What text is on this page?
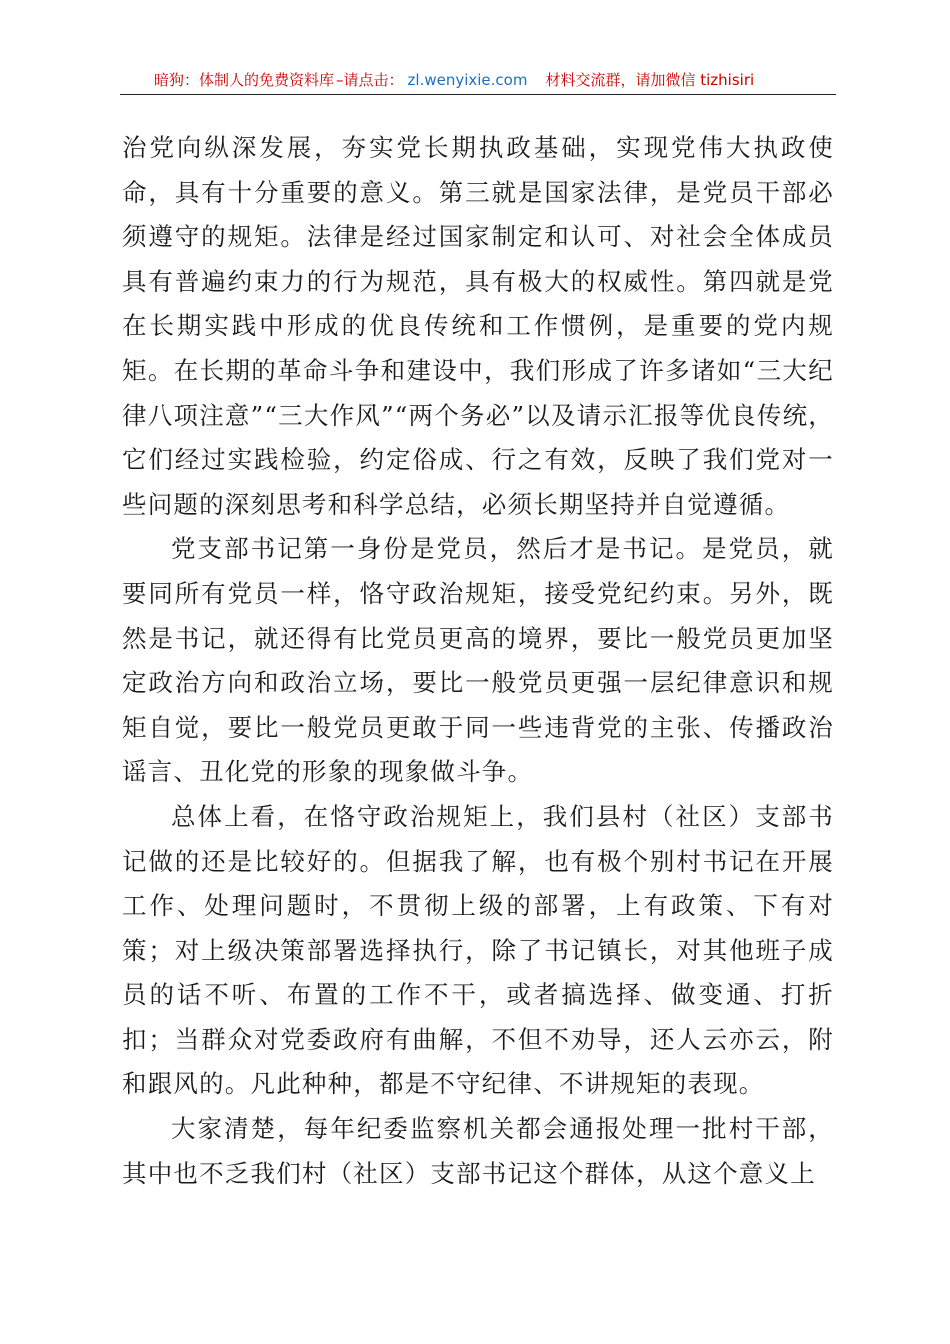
暗狗：体制人的免费资料库 –请点击： zl.wenyixie.com 材料交流群，请加微信 tizhisiri

治党向纵深发展，夯实党长期执政基础，实现党伟大执政使命，具有十分重要的意义。第三就是国家法律，是党员干部必须遵守的规矩。法律是经过国家制定和认可、对社会全体成员具有普遍约束力的行为规范，具有极大的权威性。第四就是党在长期实践中形成的优良传统和工作惯例，是重要的党内规矩。在长期的革命斗争和建设中，我们形成了许多诸如“三大纪律八项注意”“三大作风”“两个务必”以及请示汇报等优良传统，它们经过实践检验，约定俗成、行之有效，反映了我们党对一些问题的深刻思考和科学总结，必须长期坚持并自觉遵循。

党支部书记第一身份是党员，然后才是书记。是党员，就要同所有党员一样，恪守政治规矩，接受党纪约束。另外，既然是书记，就还得有比党员更高的境界，要比一般党员更加坚定政治方向和政治立场，要比一般党员更强一层纪律意识和规矩自觉，要比一般党员更敢于同一些违背党的主张、传播政治谣言、丑化党的形象的现象做斗争。

总体上看，在恪守政治规矩上，我们县村（社区）支部书记做的还是比较好的。但据我了解，也有极个别村书记在开展工作、处理问题时，不贯彻上级的部署，上有政策、下有对策；对上级决策部署选择执行，除了书记镇长，对其他班子成员的话不听、布置的工作不干，或者搞选择、做变通、打折扣；当群众对党委政府有曲解，不但不劝导，还人云亦云，附和跟风的。凡此种种，都是不守纪律、不讲规矩的表现。

大家清楚，每年纪委监察机关都会通报处理一批村干部，其中也不乏我们村（社区）支部书记这个群体，从这个意义上
